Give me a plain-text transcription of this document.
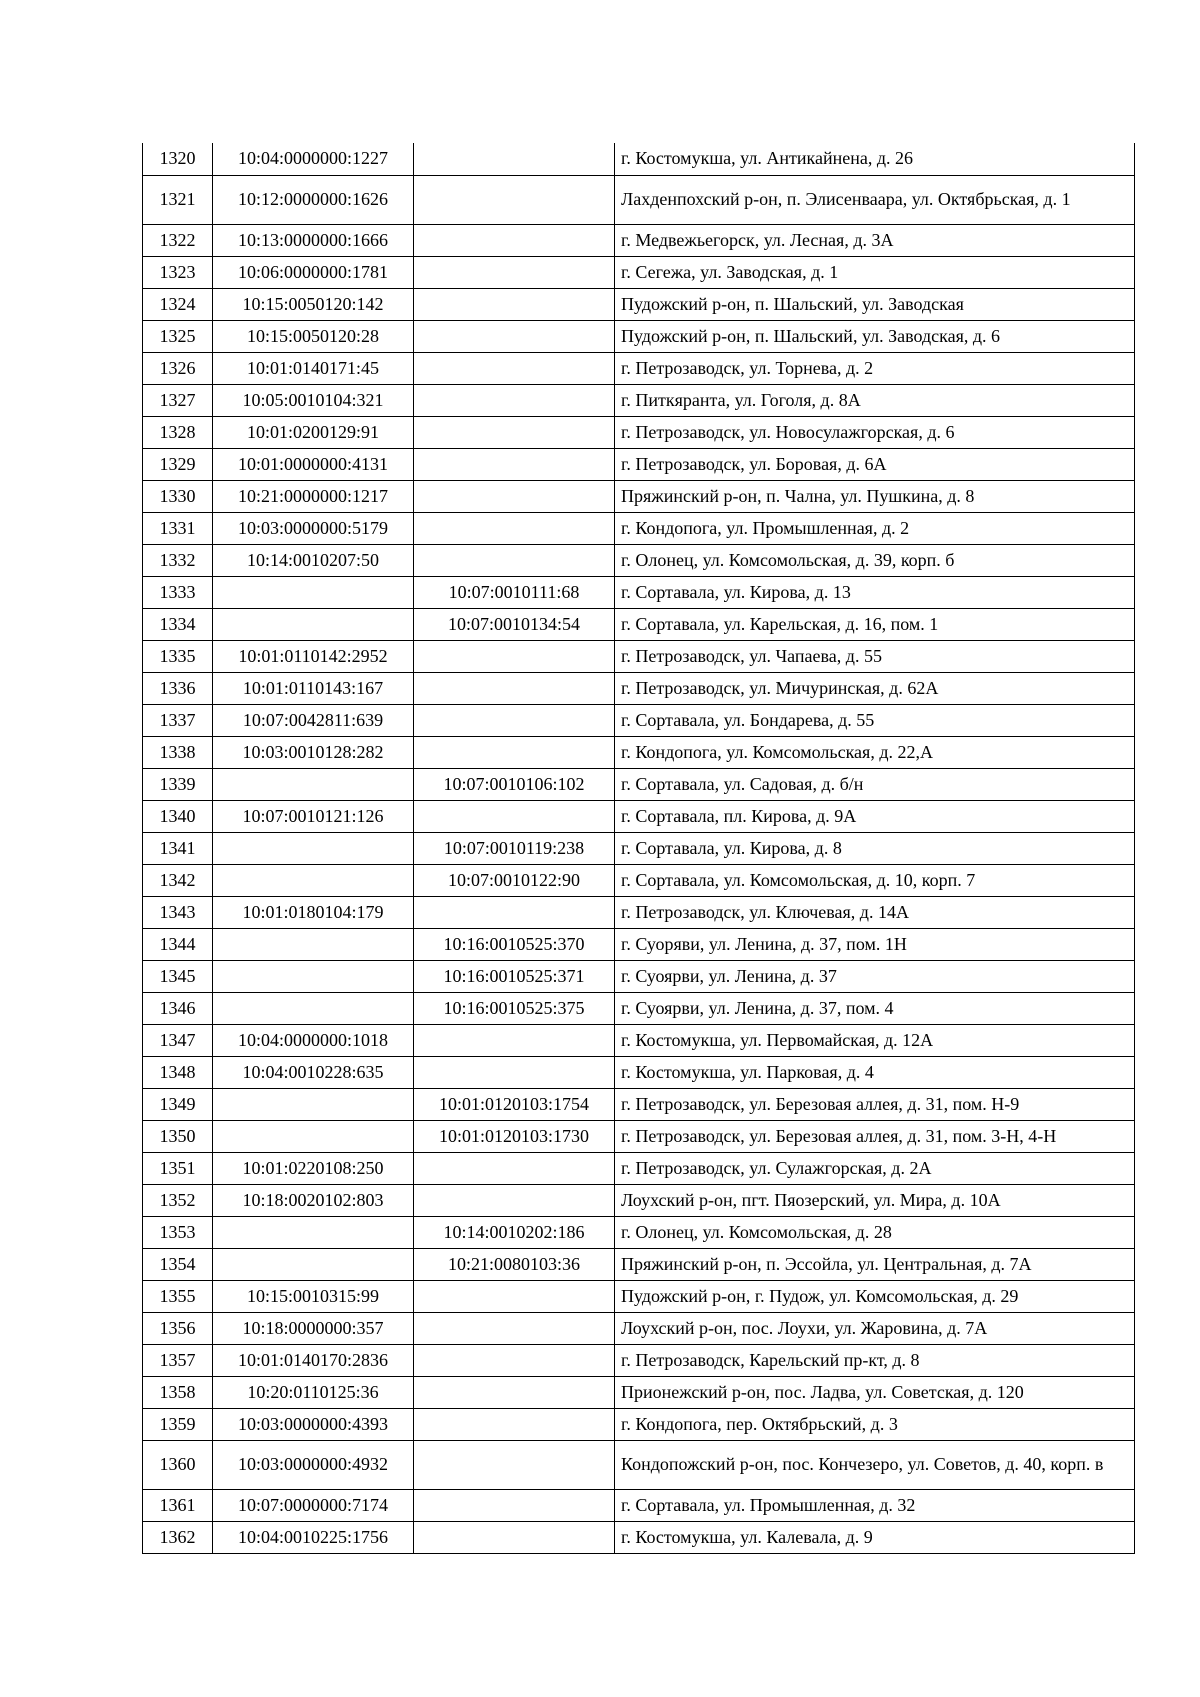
1320	10:04:0000000:1227		г. Костомукша, ул. Антикайнена, д. 26
1321	10:12:0000000:1626		Лахденпохский р-он, п. Элисенваара, ул. Октябрьская, д. 1
1322	10:13:0000000:1666		г. Медвежьегорск, ул. Лесная, д. 3А
1323	10:06:0000000:1781		г. Сегежа, ул. Заводская, д. 1
1324	10:15:0050120:142		Пудожский р-он, п. Шальский, ул. Заводская
1325	10:15:0050120:28		Пудожский р-он, п. Шальский, ул. Заводская, д. 6
1326	10:01:0140171:45		г. Петрозаводск, ул. Торнева, д. 2
1327	10:05:0010104:321		г. Питкяранта, ул. Гоголя, д. 8А
1328	10:01:0200129:91		г. Петрозаводск, ул. Новосулажгорская, д. 6
1329	10:01:0000000:4131		г. Петрозаводск, ул. Боровая, д. 6А
1330	10:21:0000000:1217		Пряжинский р-он, п. Чална, ул. Пушкина, д. 8
1331	10:03:0000000:5179		г. Кондопога, ул. Промышленная, д. 2
1332	10:14:0010207:50		г. Олонец, ул. Комсомольская, д. 39, корп. б
1333		10:07:0010111:68	г. Сортавала, ул. Кирова, д. 13
1334		10:07:0010134:54	г. Сортавала, ул. Карельская, д. 16, пом. 1
1335	10:01:0110142:2952		г. Петрозаводск, ул. Чапаева, д. 55
1336	10:01:0110143:167		г. Петрозаводск, ул. Мичуринская, д. 62А
1337	10:07:0042811:639		г. Сортавала, ул. Бондарева, д. 55
1338	10:03:0010128:282		г. Кондопога, ул. Комсомольская, д. 22,А
1339		10:07:0010106:102	г. Сортавала, ул. Садовая, д. б/н
1340	10:07:0010121:126		г. Сортавала, пл. Кирова, д. 9А
1341		10:07:0010119:238	г. Сортавала, ул. Кирова, д. 8
1342		10:07:0010122:90	г. Сортавала, ул. Комсомольская, д. 10, корп. 7
1343	10:01:0180104:179		г. Петрозаводск, ул. Ключевая, д. 14А
1344		10:16:0010525:370	г. Суоряви, ул. Ленина, д. 37, пом. 1Н
1345		10:16:0010525:371	г. Суоярви, ул. Ленина, д. 37
1346		10:16:0010525:375	г. Суоярви, ул. Ленина, д. 37, пом. 4
1347	10:04:0000000:1018		г. Костомукша, ул. Первомайская, д. 12А
1348	10:04:0010228:635		г. Костомукша, ул. Парковая, д. 4
1349		10:01:0120103:1754	г. Петрозаводск, ул. Березовая аллея, д. 31, пом. Н-9
1350		10:01:0120103:1730	г. Петрозаводск, ул. Березовая аллея, д. 31, пом. 3-Н, 4-Н
1351	10:01:0220108:250		г. Петрозаводск, ул. Сулажгорская, д. 2А
1352	10:18:0020102:803		Лоухский р-он, пгт. Пяозерский, ул. Мира, д. 10А
1353		10:14:0010202:186	г. Олонец, ул. Комсомольская, д. 28
1354		10:21:0080103:36	Пряжинский р-он, п. Эссойла, ул. Центральная, д. 7А
1355	10:15:0010315:99		Пудожский р-он, г. Пудож, ул. Комсомольская, д. 29
1356	10:18:0000000:357		Лоухский р-он, пос. Лоухи, ул. Жаровина, д. 7А
1357	10:01:0140170:2836		г. Петрозаводск, Карельский пр-кт, д. 8
1358	10:20:0110125:36		Прионежский р-он, пос. Ладва, ул. Советская, д. 120
1359	10:03:0000000:4393		г. Кондопога, пер. Октябрьский, д. 3
1360	10:03:0000000:4932		Кондопожский р-он, пос. Кончезеро, ул. Советов, д. 40, корп. в
1361	10:07:0000000:7174		г. Сортавала, ул. Промышленная, д. 32
1362	10:04:0010225:1756		г. Костомукша, ул. Калевала, д. 9
